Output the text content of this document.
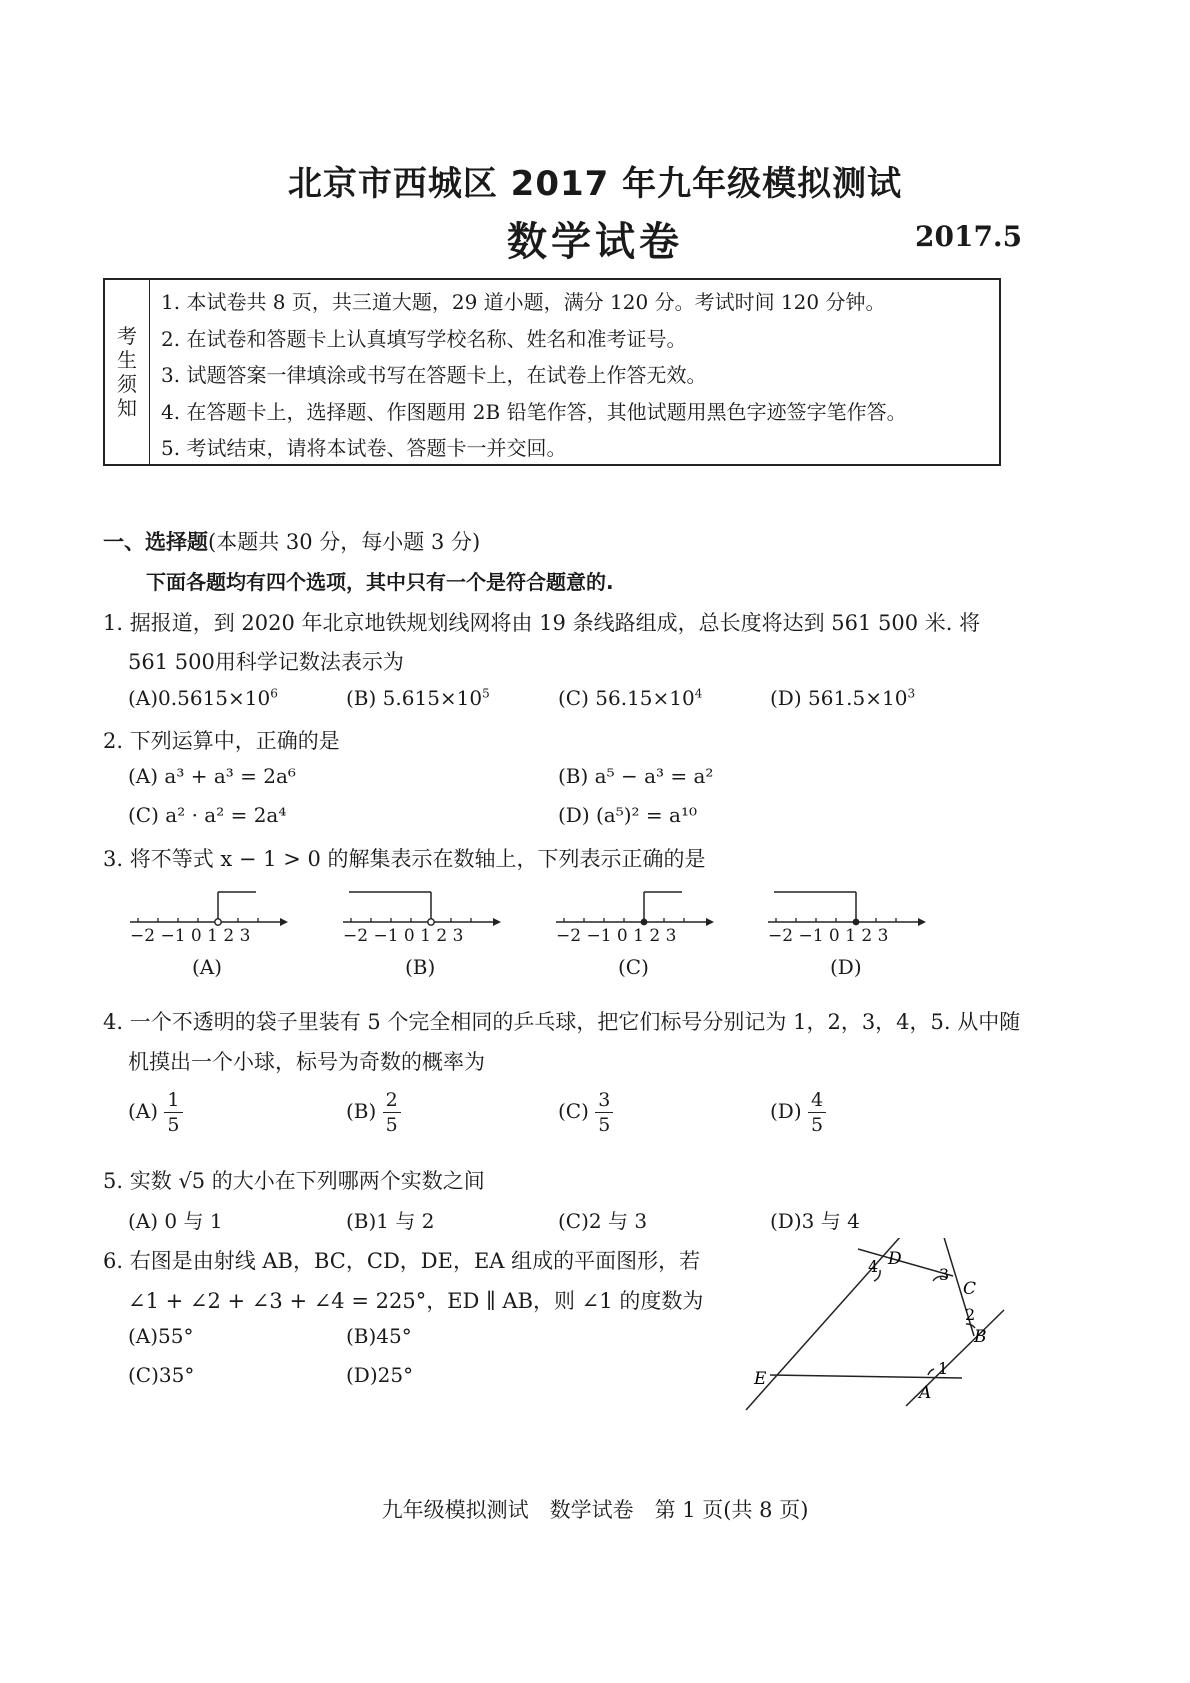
北京市西城区 2017 年九年级模拟测试
数学试卷	2017.5
考
生
须
知
1. 本试卷共 8 页，共三道大题，29 道小题，满分 120 分。考试时间 120 分钟。
2. 在试卷和答题卡上认真填写学校名称、姓名和准考证号。
3. 试题答案一律填涂或书写在答题卡上，在试卷上作答无效。
4. 在答题卡上，选择题、作图题用 2B 铅笔作答，其他试题用黑色字迹签字笔作答。
5. 考试结束，请将本试卷、答题卡一并交回。
一、选择题(本题共 30 分，每小题 3 分)
下面各题均有四个选项，其中只有一个是符合题意的.
1. 据报道，到 2020 年北京地铁规划线网将由 19 条线路组成，总长度将达到 561 500 米. 将
561 500用科学记数法表示为
$(A)0.5615\times 10^6$	(B) $5.615\times 10^5$	(C) $56.15\times 10^4$	(D) $561.5\times 10^3$
2. 下列运算中，正确的是
(A) a³ + a³ = 2a⁶	(B) a⁵ − a³ = a²
(C) a² · a² = 2a⁴	(D) (a⁵)² = a¹⁰
3. 将不等式 x − 1 > 0 的解集表示在数轴上，下列表示正确的是
−2 −1 0 1 2 3
(A)
−2 −1 0 1 2 3
(B)
−2 −1 0 1 2 3
(C)
−2 −1 0 1 2 3
(D)
4. 一个不透明的袋子里装有 5 个完全相同的乒乓球，把它们标号分别记为 1，2，3，4，5. 从中随
机摸出一个小球，标号为奇数的概率为
$(A) \frac{1}{5}$	$(B) \frac{2}{5}$	$(C) \frac{3}{5}$	$(D) \frac{4}{5}$
5. 实数 √5 的大小在下列哪两个实数之间
(A) 0 与 1	(B)1 与 2	(C)2 与 3	(D)3 与 4
6. 右图是由射线 AB，BC，CD，DE，EA 组成的平面图形，若
∠1 + ∠2 + ∠3 + ∠4 = 225°，ED ∥ AB，则 ∠1 的度数为
(A)55°	(B)45°
(C)35°	(D)25°
D
C
B
A
E
1
2
3
4
九年级模拟测试　数学试卷　第 1 页(共 8 页)
